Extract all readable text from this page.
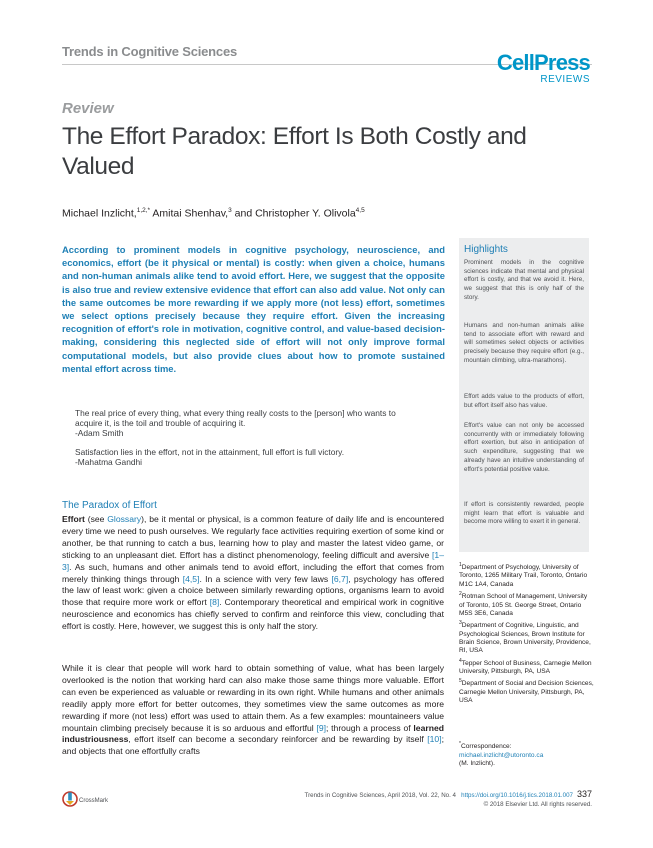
Trends in Cognitive Sciences	CellPress
REVIEWS
Review
The Effort Paradox: Effort Is Both Costly and Valued
Michael Inzlicht,$^{1,2,*}$ Amitai Shenhav,$^3$ and Christopher Y. Olivola$^{4,5}$
According to prominent models in cognitive psychology, neuroscience, and economics, effort (be it physical or mental) is costly: when given a choice, humans and non-human animals alike tend to avoid effort. Here, we suggest that the opposite is also true and review extensive evidence that effort can also add value. Not only can the same outcomes be more rewarding if we apply more (not less) effort, sometimes we select options precisely because they require effort. Given the increasing recognition of effort's role in motivation, cognitive control, and value-based decision-making, considering this neglected side of effort will not only improve formal computational models, but also provide clues about how to promote sustained mental effort across time.
Highlights
Prominent models in the cognitive sciences indicate that mental and physical effort is costly, and that we avoid it. Here, we suggest that this is only half of the story.
Humans and non-human animals alike tend to associate effort with reward and will sometimes select objects or activities precisely because they require effort (e.g., mountain climbing, ultra-marathons).
Effort adds value to the products of effort, but effort itself also has value.
Effort's value can not only be accessed concurrently with or immediately following effort exertion, but also in anticipation of such expenditure, suggesting that we already have an intuitive understanding of effort's potential positive value.
If effort is consistently rewarded, people might learn that effort is valuable and become more willing to exert it in general.

The real price of every thing, what every thing really costs to the [person] who wants to acquire it, is the toil and trouble of acquiring it.
-Adam Smith

Satisfaction lies in the effort, not in the attainment, full effort is full victory.
-Mahatma Gandhi

The Paradox of Effort
Effort (see Glossary), be it mental or physical, is a common feature of daily life and is encountered every time we need to push ourselves. We regularly face activities requiring exertion of some kind or another, be that running to catch a bus, learning how to play and master the latest video game, or sticking to an unpleasant diet. Effort has a distinct phenomenology, feeling difficult and aversive [1–3]. As such, humans and other animals tend to avoid effort, including the effort that comes from merely thinking things through [4,5]. In a science with very few laws [6,7], psychology has offered the law of least work: given a choice between similarly rewarding options, organisms learn to avoid those that require more work or effort [8]. Contemporary theoretical and empirical work in cognitive neuroscience and economics has chiefly served to confirm and reinforce this view, concluding that effort is costly. Here, however, we suggest this is only half the story.
While it is clear that people will work hard to obtain something of value, what has been largely overlooked is the notion that working hard can also make those same things more valuable. Effort can even be experienced as valuable or rewarding in its own right. While humans and other animals readily apply more effort for better outcomes, they sometimes view the same outcomes as more rewarding if more (not less) effort was used to attain them. As a few examples: mountaineers value mountain climbing precisely because it is so arduous and effortful [9]; through a process of learned industriousness, effort itself can become a secondary reinforcer and be rewarding by itself [10]; and objects that one effortfully crafts

$^1$Department of Psychology, University of Toronto, 1265 Military Trail, Toronto, Ontario M1C 1A4, Canada

$^2$Rotman School of Management, University of Toronto, 105 St. George Street, Ontario M5S 3E6, Canada

$^3$Department of Cognitive, Linguistic, and Psychological Sciences, Brown Institute for Brain Science, Brown University, Providence, RI, USA

$^4$Tepper School of Business, Carnegie Mellon University, Pittsburgh, PA, USA

$^5$Department of Social and Decision Sciences, Carnegie Mellon University, Pittsburgh, PA, USA

*Correspondence:
michael.inzlicht@utoronto.ca
(M. Inzlicht).
CrossMark
Trends in Cognitive Sciences, April 2018, Vol. 22, No. 4 https://doi.org/10.1016/j.tics.2018.01.007 337
© 2018 Elsevier Ltd. All rights reserved.
